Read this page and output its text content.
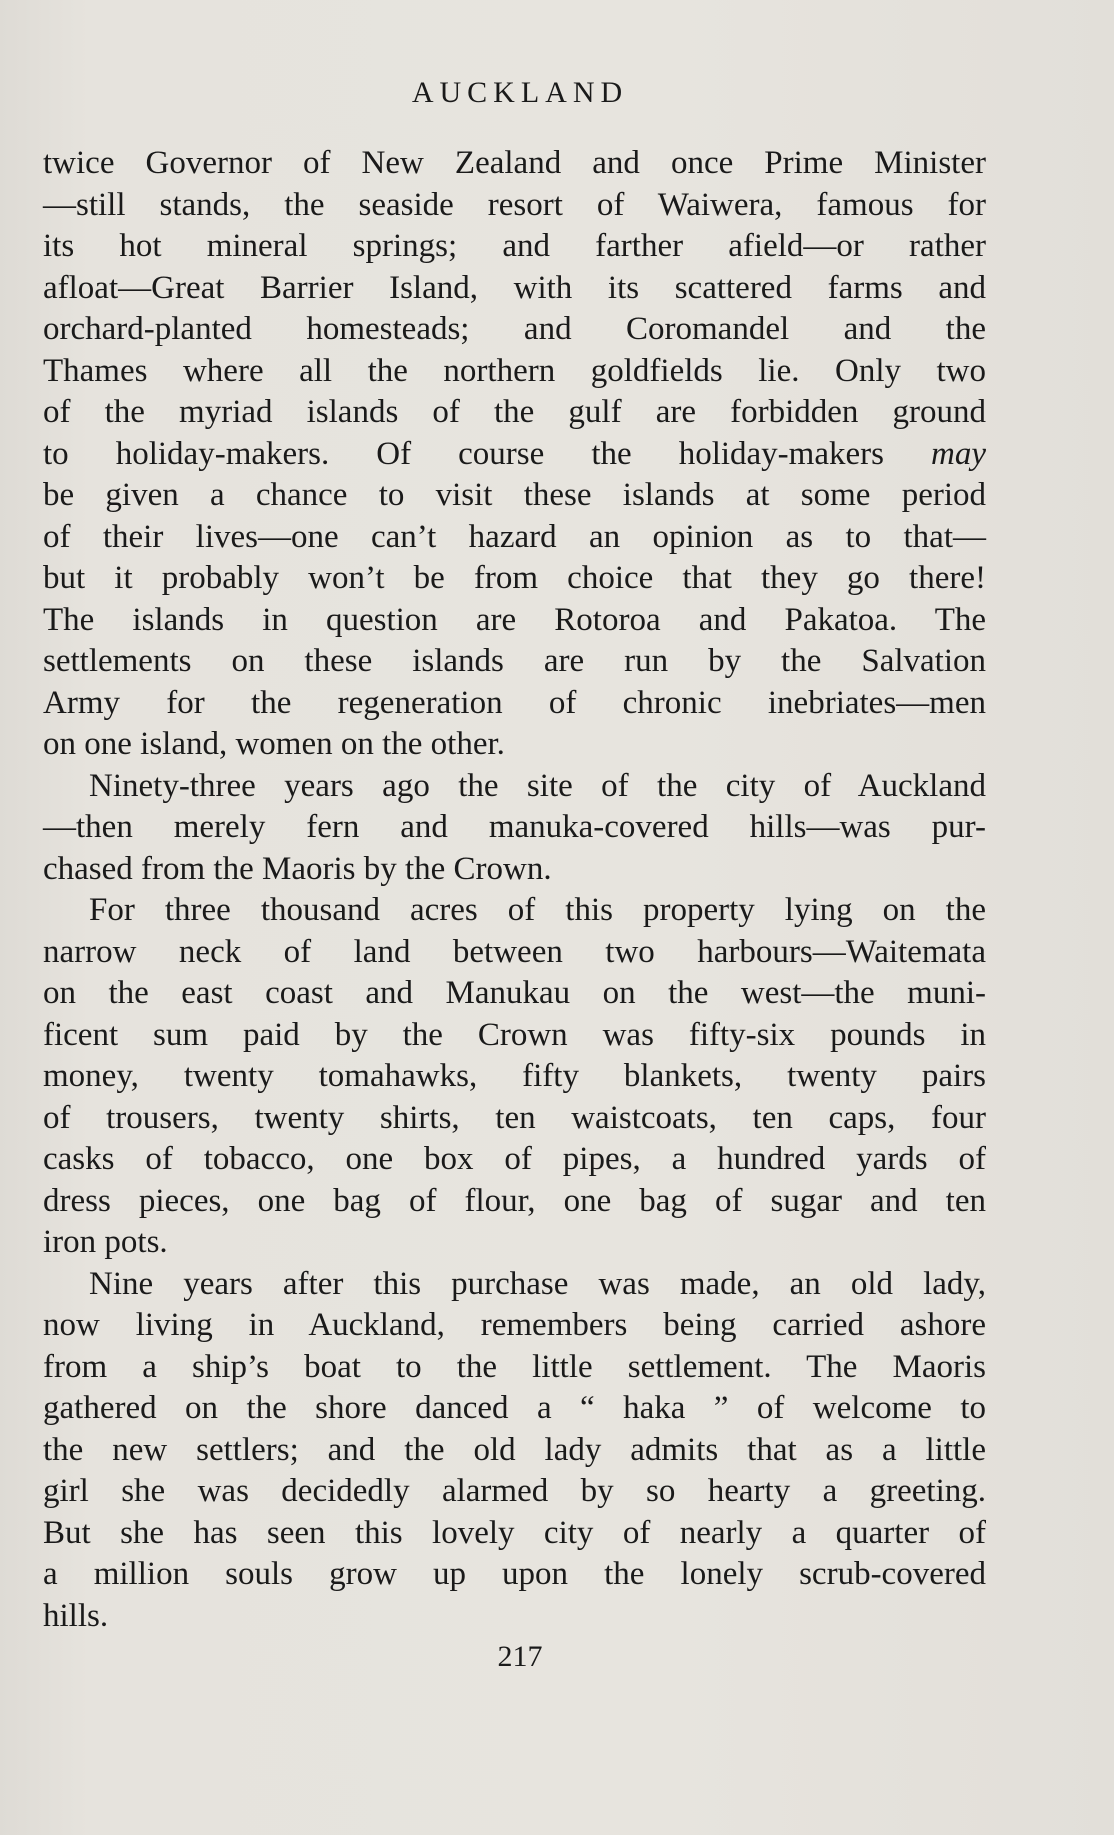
AUCKLAND
twice Governor of New Zealand and once Prime Minister
—still stands, the seaside resort of Waiwera, famous for
its hot mineral springs; and farther afield—or rather
afloat—Great Barrier Island, with its scattered farms and
orchard-planted homesteads; and Coromandel and the
Thames where all the northern goldfields lie. Only two
of the myriad islands of the gulf are forbidden ground
to holiday-makers. Of course the holiday-makers may
be given a chance to visit these islands at some period
of their lives—one can’t hazard an opinion as to that—
but it probably won’t be from choice that they go there!
The islands in question are Rotoroa and Pakatoa. The
settlements on these islands are run by the Salvation
Army for the regeneration of chronic inebriates—men
on one island, women on the other.
Ninety-three years ago the site of the city of Auckland
—then merely fern and manuka-covered hills—was pur-
chased from the Maoris by the Crown.
For three thousand acres of this property lying on the
narrow neck of land between two harbours—Waitemata
on the east coast and Manukau on the west—the muni-
ficent sum paid by the Crown was fifty-six pounds in
money, twenty tomahawks, fifty blankets, twenty pairs
of trousers, twenty shirts, ten waistcoats, ten caps, four
casks of tobacco, one box of pipes, a hundred yards of
dress pieces, one bag of flour, one bag of sugar and ten
iron pots.
Nine years after this purchase was made, an old lady,
now living in Auckland, remembers being carried ashore
from a ship’s boat to the little settlement. The Maoris
gathered on the shore danced a “ haka ” of welcome to
the new settlers; and the old lady admits that as a little
girl she was decidedly alarmed by so hearty a greeting.
But she has seen this lovely city of nearly a quarter of
a million souls grow up upon the lonely scrub-covered
hills.
217
